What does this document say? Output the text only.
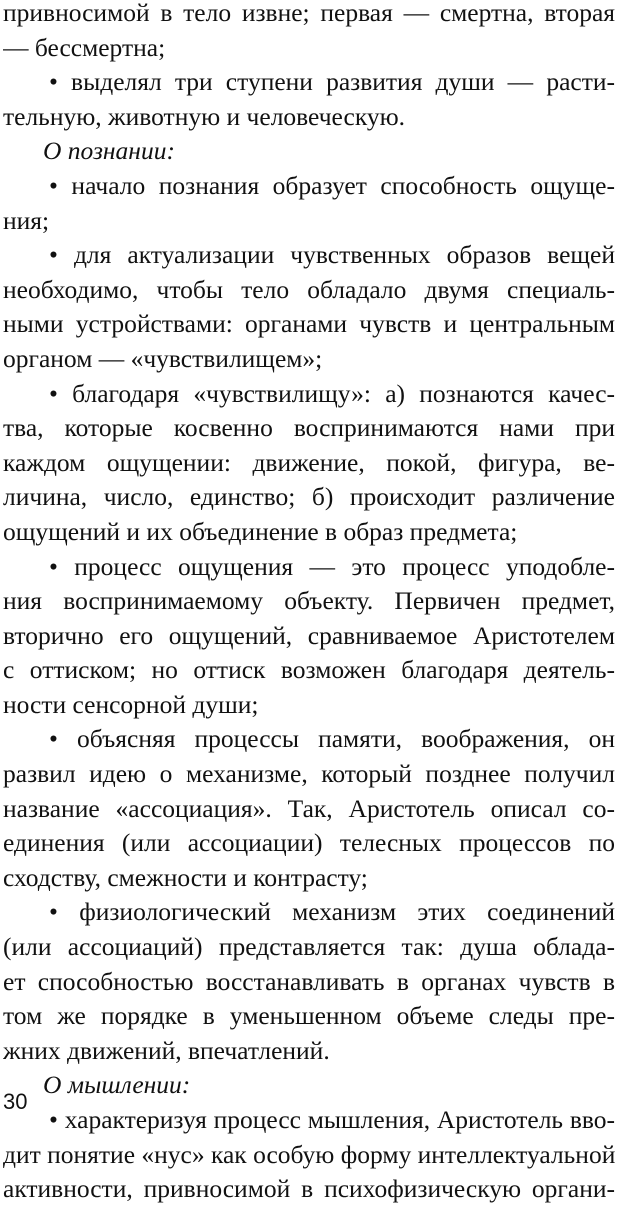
привносимой в тело извне; первая — смертна, вторая
— бессмертна;
• выделял три ступени развития души — расти-
тельную, животную и человеческую.
О познании:
• начало познания образует способность ощуще-
ния;
• для актуализации чувственных образов вещей
необходимо, чтобы тело обладало двумя специаль-
ными устройствами: органами чувств и центральным
органом — «чувствилищем»;
• благодаря «чувствилищу»: а) познаются качес-
тва, которые косвенно воспринимаются нами при
каждом ощущении: движение, покой, фигура, ве-
личина, число, единство; б) происходит различение
ощущений и их объединение в образ предмета;
• процесс ощущения — это процесс уподобле-
ния воспринимаемому объекту. Первичен предмет,
вторично его ощущений, сравниваемое Аристотелем
с оттиском; но оттиск возможен благодаря деятель-
ности сенсорной души;
• объясняя процессы памяти, воображения, он
развил идею о механизме, который позднее получил
название «ассоциация». Так, Аристотель описал со-
единения (или ассоциации) телесных процессов по
сходству, смежности и контрасту;
• физиологический механизм этих соединений
(или ассоциаций) представляется так: душа облада-
ет способностью восстанавливать в органах чувств в
том же порядке в уменьшенном объеме следы пре-
жних движений, впечатлений.
О мышлении:
• характеризуя процесс мышления, Аристотель вво-
дит понятие «нус» как особую форму интеллектуальной
активности, привносимой в психофизическую органи-
30
